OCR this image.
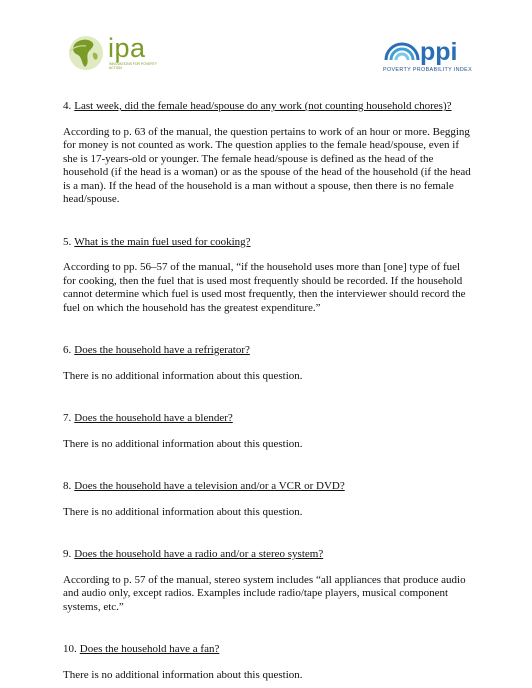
ipa
INNOVATIONS FOR POVERTY ACTION
ppi
POVERTY PROBABILITY INDEX

4. Last week, did the female head/spouse do any work (not counting household chores)?

According to p. 63 of the manual, the question pertains to work of an hour or more. Begging for money is not counted as work. The question applies to the female head/spouse, even if she is 17-years-old or younger. The female head/spouse is defined as the head of the household (if the head is a woman) or as the spouse of the head of the household (if the head is a man). If the head of the household is a man without a spouse, then there is no female head/spouse.

5. What is the main fuel used for cooking?

According to pp. 56–57 of the manual, “if the household uses more than [one] type of fuel for cooking, then the fuel that is used most frequently should be recorded. If the household cannot determine which fuel is used most frequently, then the interviewer should record the fuel on which the household has the greatest expenditure.”

6. Does the household have a refrigerator?

There is no additional information about this question.

7. Does the household have a blender?

There is no additional information about this question.

8. Does the household have a television and/or a VCR or DVD?

There is no additional information about this question.

9. Does the household have a radio and/or a stereo system?

According to p. 57 of the manual, stereo system includes “all appliances that produce audio and audio only, except radios. Examples include radio/tape players, musical component systems, etc.”

10. Does the household have a fan?

There is no additional information about this question.
